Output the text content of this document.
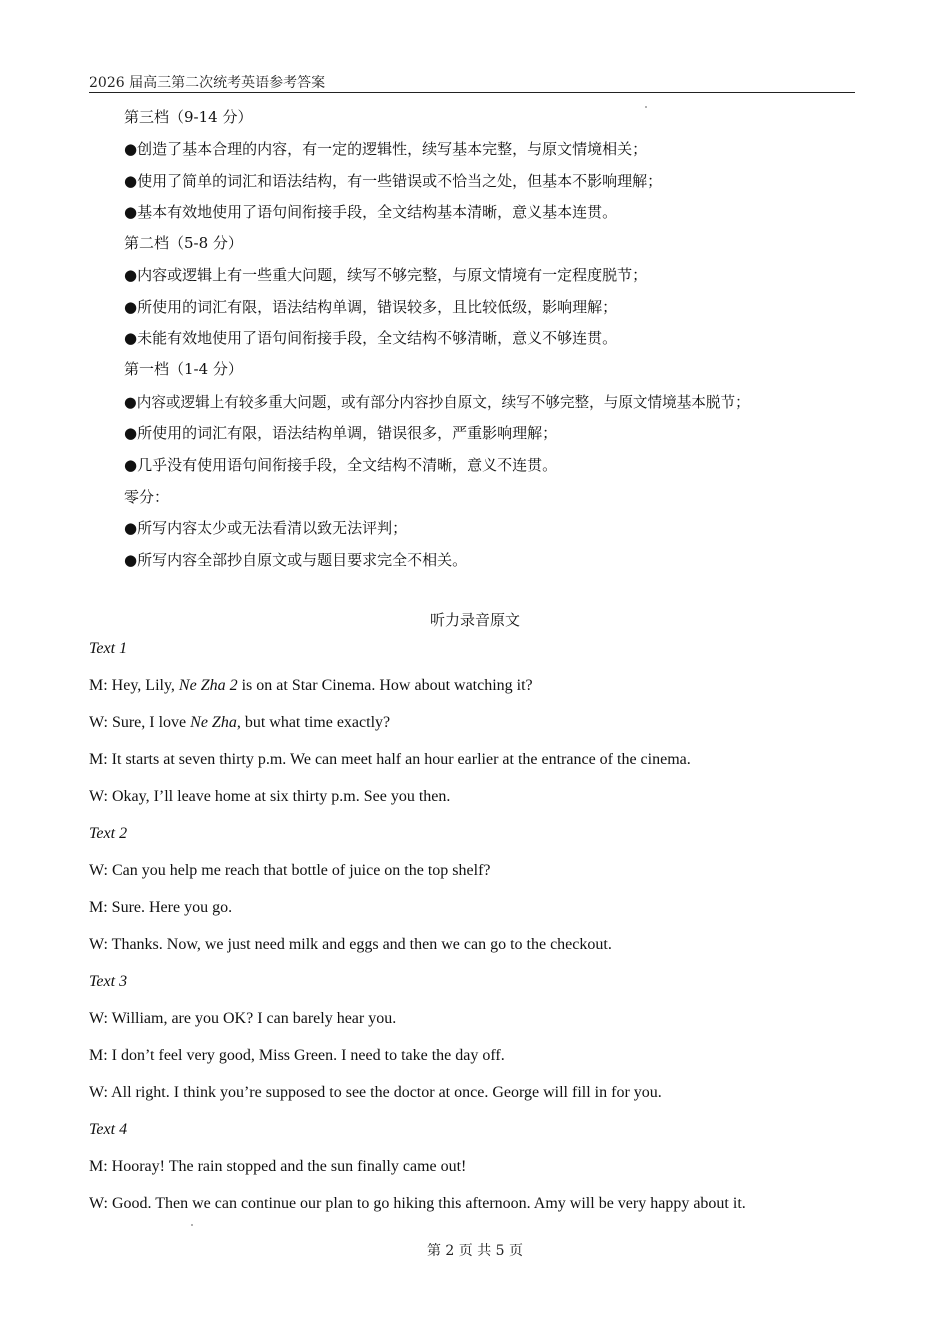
2026 届高三第二次统考英语参考答案
第三档（9-14 分）
●创造了基本合理的内容，有一定的逻辑性，续写基本完整，与原文情境相关；
●使用了简单的词汇和语法结构，有一些错误或不恰当之处，但基本不影响理解；
●基本有效地使用了语句间衔接手段，全文结构基本清晰，意义基本连贯。
第二档（5-8 分）
●内容或逻辑上有一些重大问题，续写不够完整，与原文情境有一定程度脱节；
●所使用的词汇有限，语法结构单调，错误较多，且比较低级，影响理解；
●未能有效地使用了语句间衔接手段，全文结构不够清晰，意义不够连贯。
第一档（1-4 分）
●内容或逻辑上有较多重大问题，或有部分内容抄自原文，续写不够完整，与原文情境基本脱节；
●所使用的词汇有限，语法结构单调，错误很多，严重影响理解；
●几乎没有使用语句间衔接手段，全文结构不清晰，意义不连贯。
零分：
●所写内容太少或无法看清以致无法评判；
●所写内容全部抄自原文或与题目要求完全不相关。
听力录音原文
Text 1
M: Hey, Lily, Ne Zha 2 is on at Star Cinema. How about watching it?
W: Sure, I love Ne Zha, but what time exactly?
M: It starts at seven thirty p.m. We can meet half an hour earlier at the entrance of the cinema.
W: Okay, I’ll leave home at six thirty p.m. See you then.
Text 2
W: Can you help me reach that bottle of juice on the top shelf?
M: Sure. Here you go.
W: Thanks. Now, we just need milk and eggs and then we can go to the checkout.
Text 3
W: William, are you OK? I can barely hear you.
M: I don’t feel very good, Miss Green. I need to take the day off.
W: All right. I think you’re supposed to see the doctor at once. George will fill in for you.
Text 4
M: Hooray! The rain stopped and the sun finally came out!
W: Good. Then we can continue our plan to go hiking this afternoon. Amy will be very happy about it.
第 2 页 共 5 页
